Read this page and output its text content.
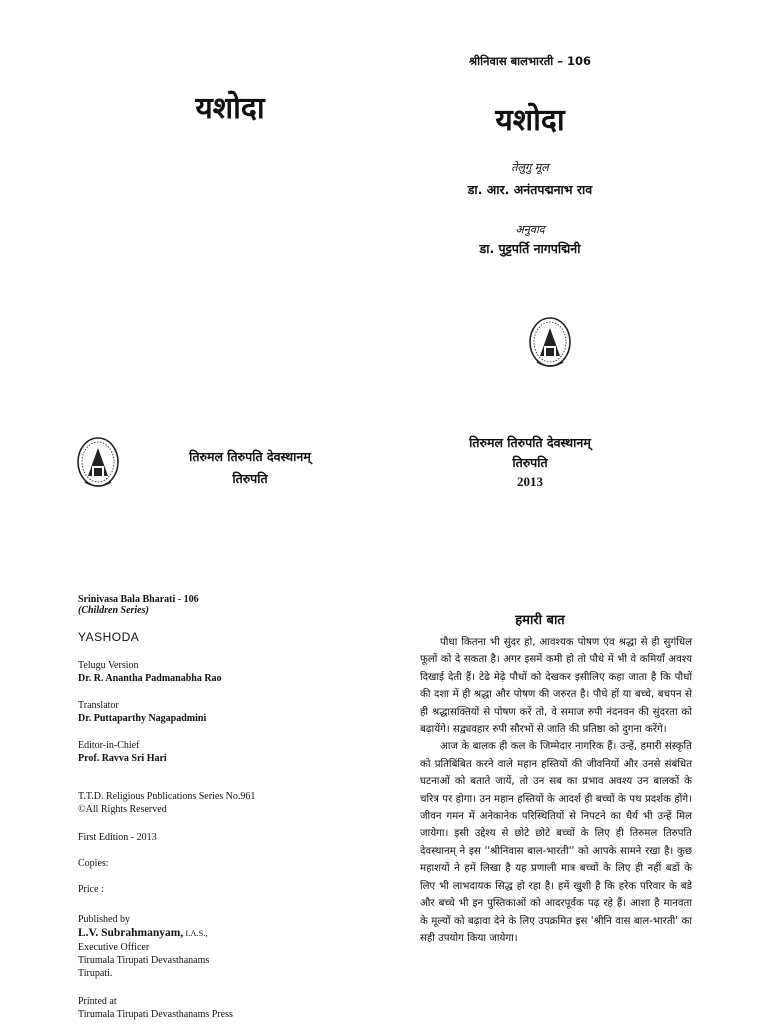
यशोदा
श्रीनिवास बालभारती – 106
यशोदा
तेलुगु मूल
डा. आर. अनंतपद्मनाभ राव
अनुवाद
डा. पुट्टपर्ति नागपद्मिनी
तिरुमल तिरुपति देवस्थानम्
तिरुपति
2013
तिरुमल तिरुपति देवस्थानम्
तिरुपति
Srinivasa Bala Bharati - 106
(Children Series)
YASHODA
Telugu Version
Dr. R. Anantha Padmanabha Rao
Translator
Dr. Puttaparthy Nagapadmini
Editor-in-Chief
Prof. Ravva Sri Hari
T.T.D. Religious Publications Series No.961
©All Rights Reserved
First Edition - 2013
Copies:
Price :
Published by
L.V. Subrahmanyam, I.A.S.,
Executive Officer
Tirumala Tirupati Devasthanams
Tirupati.
Printed at
Tirumala Tirupati Devasthanams Press
हमारी बात

पौधा कितना भी सुंदर हो, आवश्यक पोषण एंव श्रद्धा से ही सुगंधिल फूलों को दे सकता है। अगर इसमें कमी हो तो पौधे में भी वे कमियाँ अवश्य दिखाई देती हैं। टेढे मेढ़े पौधों को देखकर इसीलिए कहा जाता है कि पौधों की दशा में ही श्रद्धा और पोषण की जरुरत है। पौधे हों या बच्चे, बचपन से ही श्रद्धासक्तियों से पोषण करें तो, वे समाज रुपी नंदनवन की सुंदरता को बढ़ायेंगे। सद्व्यवहार रुपी सौरभों से जाति की प्रतिष्ठा को दुगना करेंगे।

आज के बालक ही कल के जिम्मेदार नागरिक हैं। उन्हें, हमारी संस्कृति को प्रतिबिंबित करने वाले महान हस्तियों की जीवनियों और उनसे संबंधित घटनाओं को बताते जायें, तो उन सब का प्रभाव अवश्य उन बालकों के चरित्र पर होगा। उन महान हस्तियों के आदर्श ही बच्चों के पथ प्रदर्शक होंगे। जीवन गमन में अनेकानेक परिस्थितियों से निपटने का धैर्य भी उन्हें मिल जायेगा। इसी उद्देश्य से छोटे छोटे बच्चों के लिए ही तिरुमल तिरुपति देवस्थानम् ने इस ''श्रीनिवास बाल-भारती'' को आपके सामने रखा है। कुछ महाशयों ने हमें लिखा है यह प्रणाली मात्र बच्चों के लिए ही नहीं बडों के लिए भी लाभदायक सिद्ध हो रहा है। हमें खुशी है कि हरेक परिवार के बडे और बच्चे भी इन पुस्तिकाओं को आदरपूर्वक पढ़ रहे हैं। आशा है मानवता के मूल्यों को बढ़ावा देने के लिए उपक्रमित इस 'श्रीनि वास बाल-भारती' का सही उपयोग किया जायेगा।
